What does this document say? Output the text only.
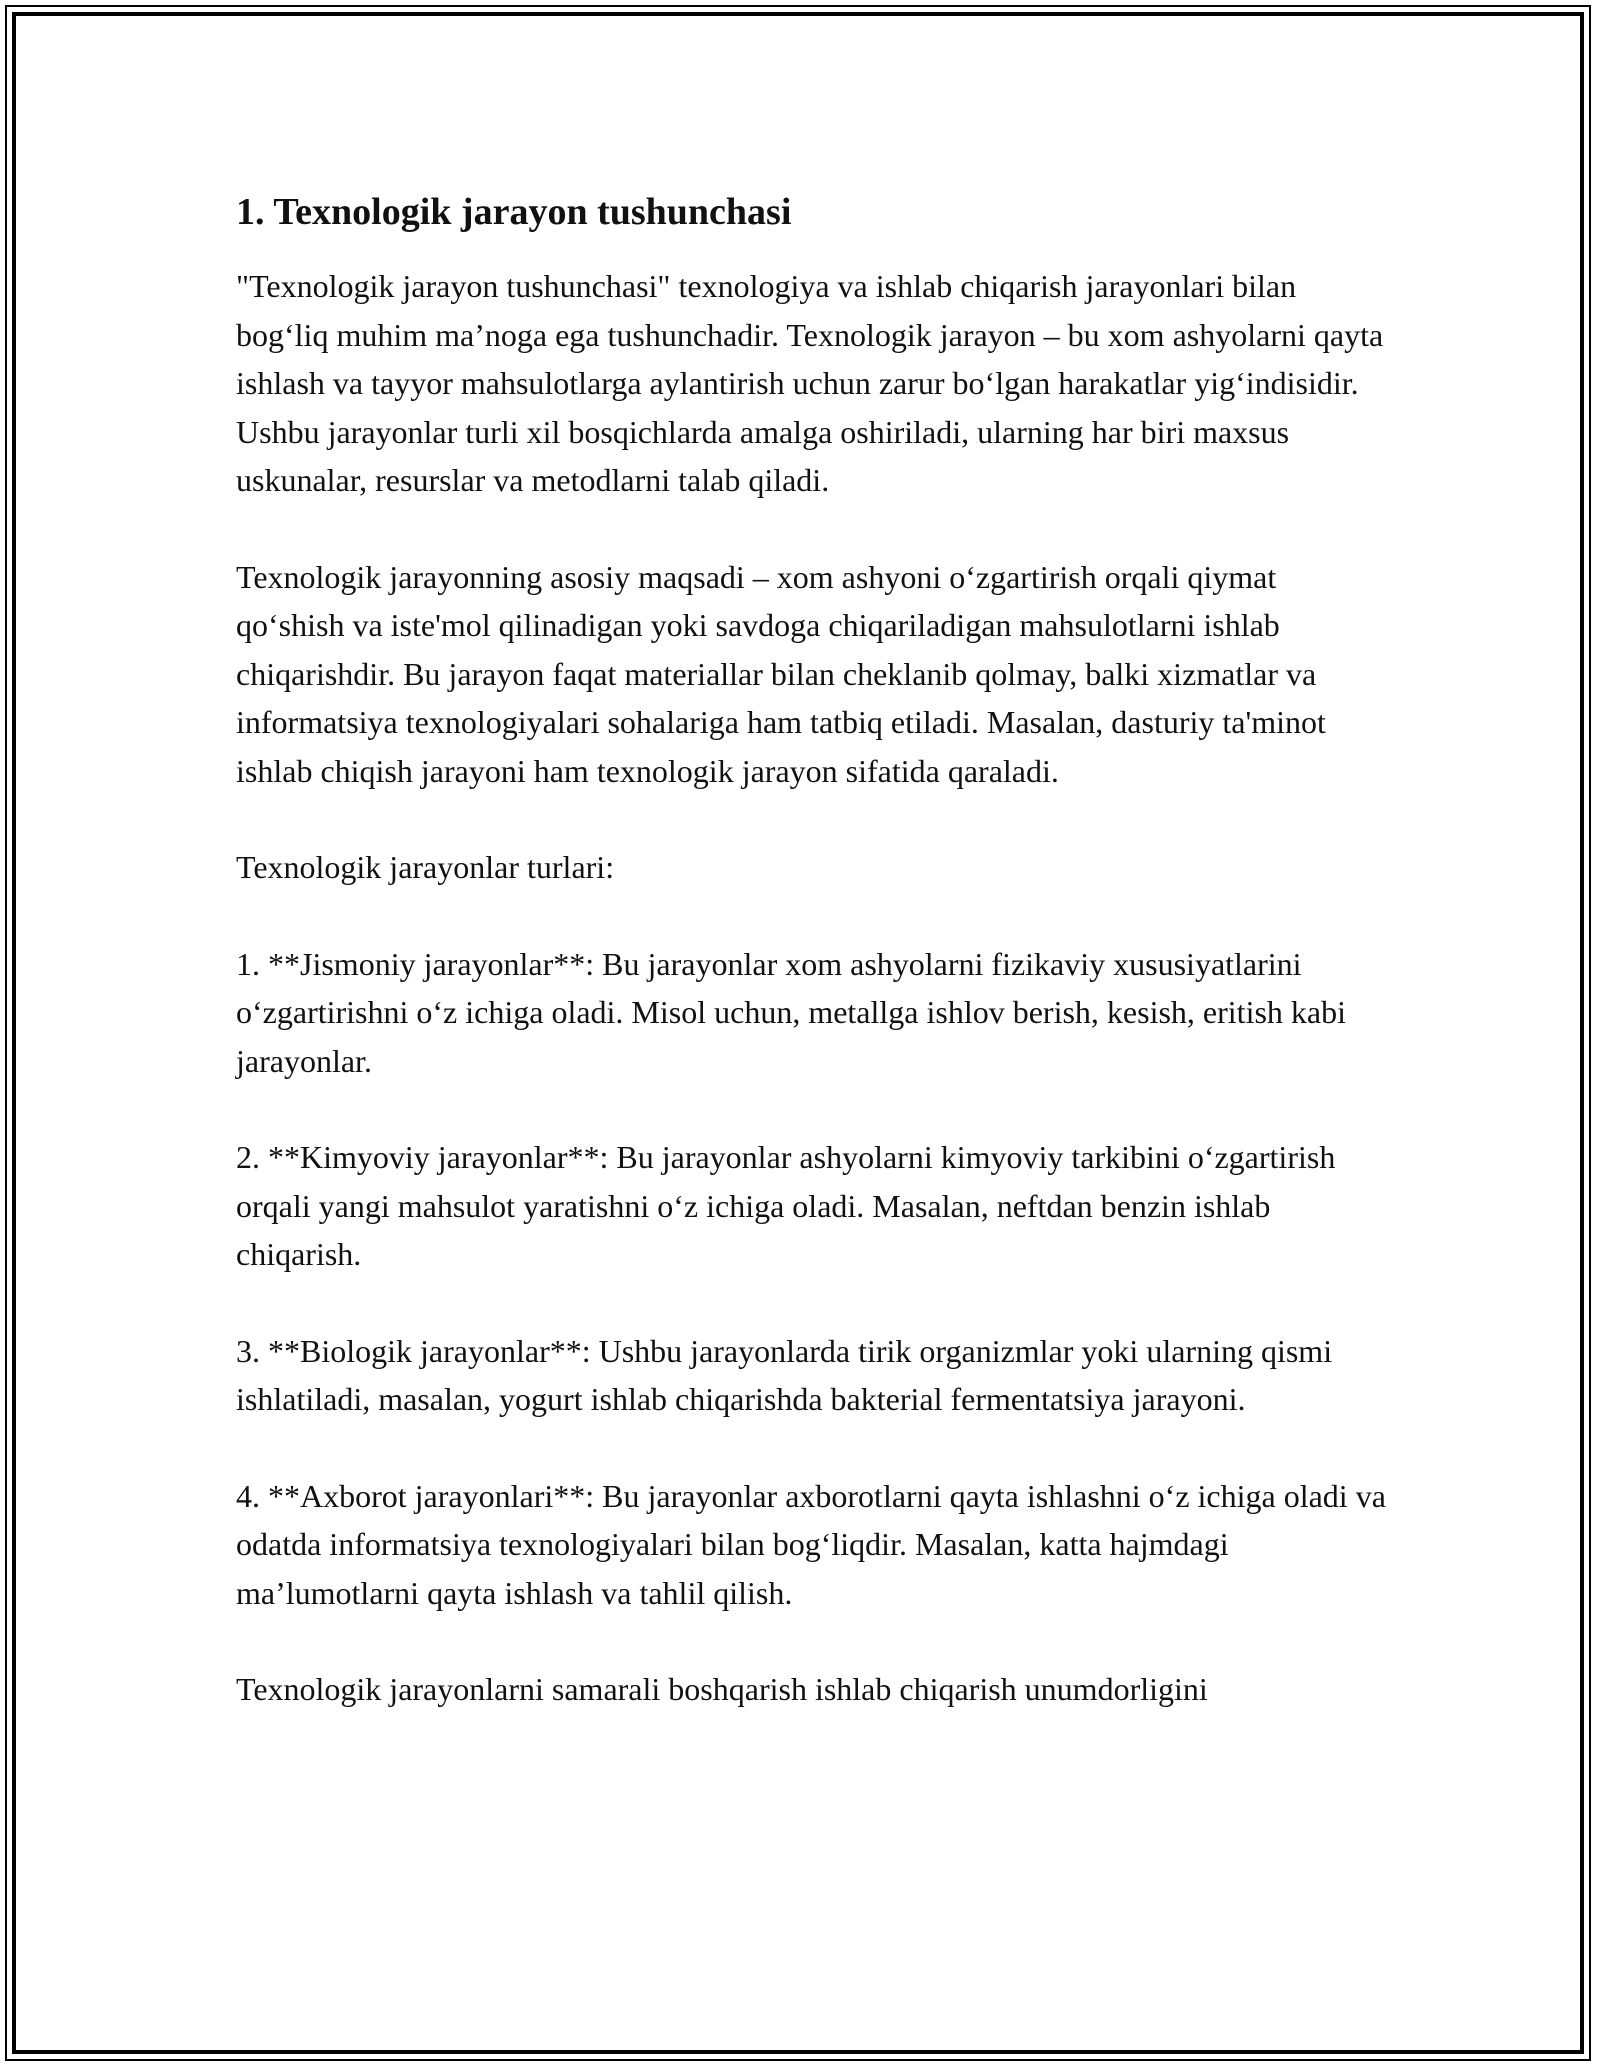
1. Texnologik jarayon tushunchasi

"Texnologik jarayon tushunchasi" texnologiya va ishlab chiqarish jarayonlari bilan bog‘liq muhim ma’noga ega tushunchadir. Texnologik jarayon – bu xom ashyolarni qayta ishlash va tayyor mahsulotlarga aylantirish uchun zarur bo‘lgan harakatlar yig‘indisidir. Ushbu jarayonlar turli xil bosqichlarda amalga oshiriladi, ularning har biri maxsus uskunalar, resurslar va metodlarni talab qiladi.

Texnologik jarayonning asosiy maqsadi – xom ashyoni o‘zgartirish orqali qiymat qo‘shish va iste'mol qilinadigan yoki savdoga chiqariladigan mahsulotlarni ishlab chiqarishdir. Bu jarayon faqat materiallar bilan cheklanib qolmay, balki xizmatlar va informatsiya texnologiyalari sohalariga ham tatbiq etiladi. Masalan, dasturiy ta'minot ishlab chiqish jarayoni ham texnologik jarayon sifatida qaraladi.

Texnologik jarayonlar turlari:

1. **Jismoniy jarayonlar**: Bu jarayonlar xom ashyolarni fizikaviy xususiyatlarini o‘zgartirishni o‘z ichiga oladi. Misol uchun, metallga ishlov berish, kesish, eritish kabi jarayonlar.

2. **Kimyoviy jarayonlar**: Bu jarayonlar ashyolarni kimyoviy tarkibini o‘zgartirish orqali yangi mahsulot yaratishni o‘z ichiga oladi. Masalan, neftdan benzin ishlab chiqarish.

3. **Biologik jarayonlar**: Ushbu jarayonlarda tirik organizmlar yoki ularning qismi ishlatiladi, masalan, yogurt ishlab chiqarishda bakterial fermentatsiya jarayoni.

4. **Axborot jarayonlari**: Bu jarayonlar axborotlarni qayta ishlashni o‘z ichiga oladi va odatda informatsiya texnologiyalari bilan bog‘liqdir. Masalan, katta hajmdagi ma’lumotlarni qayta ishlash va tahlil qilish.

Texnologik jarayonlarni samarali boshqarish ishlab chiqarish unumdorligini
